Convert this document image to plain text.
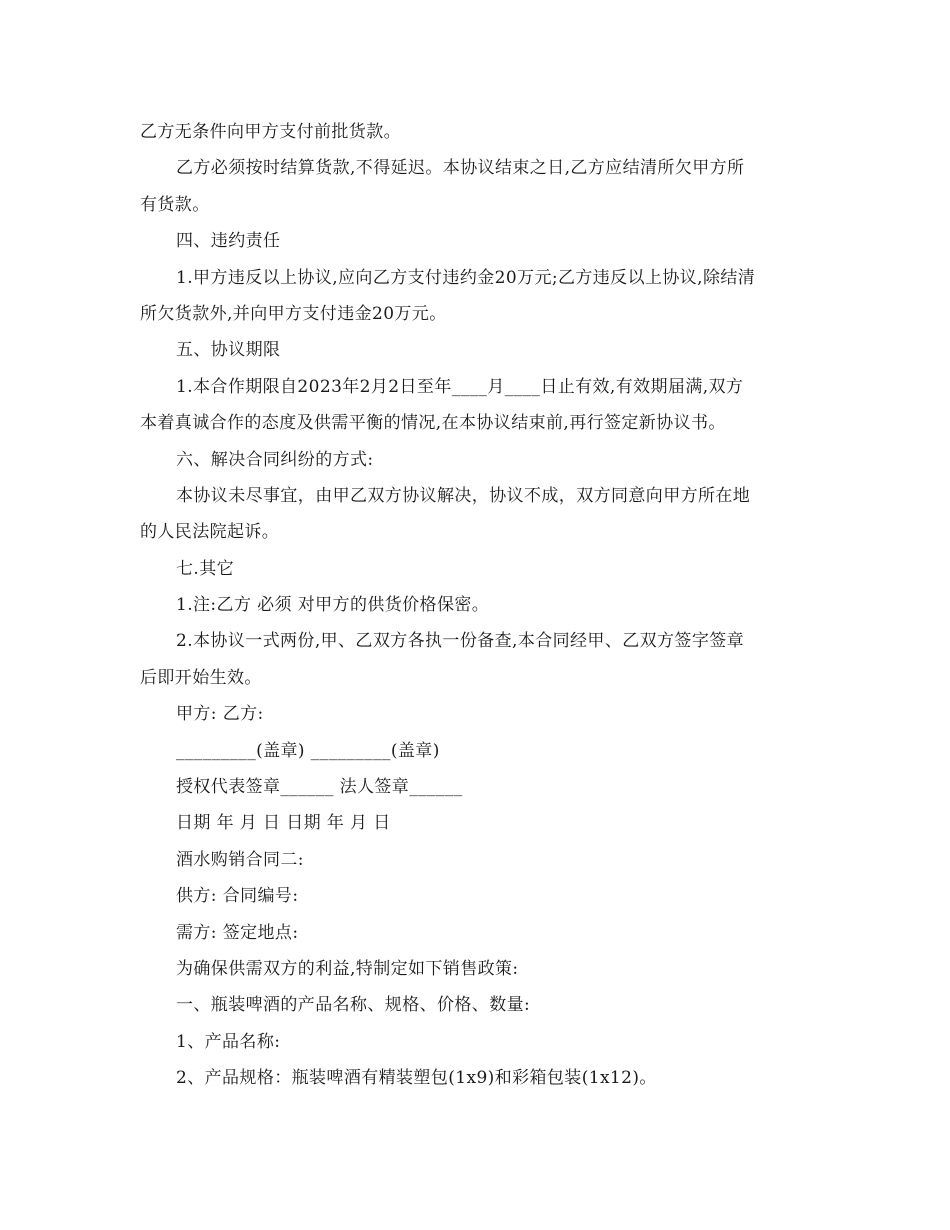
乙方无条件向甲方支付前批货款。
乙方必须按时结算货款,不得延迟。本协议结束之日,乙方应结清所欠甲方所
有货款。
四、违约责任
1.甲方违反以上协议,应向乙方支付违约金20万元;乙方违反以上协议,除结清
所欠货款外,并向甲方支付违金20万元。
五、协议期限
1.本合作期限自2023年2月2日至年____月____日止有效,有效期届满,双方
本着真诚合作的态度及供需平衡的情况,在本协议结束前,再行签定新协议书。
六、解决合同纠纷的方式:
本协议未尽事宜，由甲乙双方协议解决，协议不成，双方同意向甲方所在地
的人民法院起诉。
七.其它
1.注:乙方 必须 对甲方的供货价格保密。
2.本协议一式两份,甲、乙双方各执一份备查,本合同经甲、乙双方签字签章
后即开始生效。
甲方: 乙方:
_________(盖章) _________(盖章)
授权代表签章______ 法人签章______
日期 年 月 日 日期 年 月 日
酒水购销合同二:
供方: 合同编号:
需方: 签定地点:
为确保供需双方的利益,特制定如下销售政策:
一、瓶装啤酒的产品名称、规格、价格、数量:
1、产品名称:
2、产品规格：瓶装啤酒有精装塑包(1x9)和彩箱包装(1x12)。
